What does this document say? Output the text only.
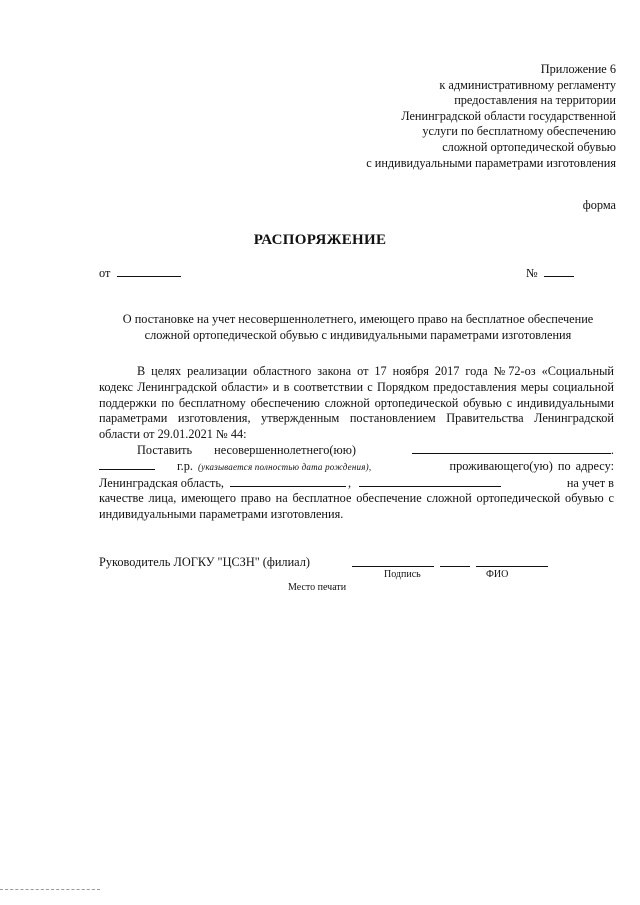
Приложение 6
к административному регламенту
предоставления на территории
Ленинградской области государственной
услуги по бесплатному обеспечению
сложной ортопедической обувью
с индивидуальными параметрами изготовления
форма
РАСПОРЯЖЕНИЕ
от	№
О постановке на учет несовершеннолетнего, имеющего право на бесплатное обеспечение
сложной ортопедической обувью с индивидуальными параметрами изготовления

В целях реализации областного закона от 17 ноября 2017 года №72-оз «Социальный кодекс Ленинградской области» и в соответствии с Порядком предоставления меры социальной поддержки по бесплатному обеспечению сложной ортопедической обувью с индивидуальными параметрами изготовления, утвержденным постановлением Правительства Ленинградской области от 29.01.2021 № 44:

Поставить несовершеннолетнего(юю)	.
г.р. (указывается полностью дата рождения),	проживающего(ую) по адресу:
Ленинградская область,	,	на учет в

качестве лица, имеющего право на бесплатное обеспечение сложной ортопедической обувью с индивидуальными параметрами изготовления.

Руководитель ЛОГКУ "ЦСЗН" (филиал)
Подпись	ФИО
Место печати
